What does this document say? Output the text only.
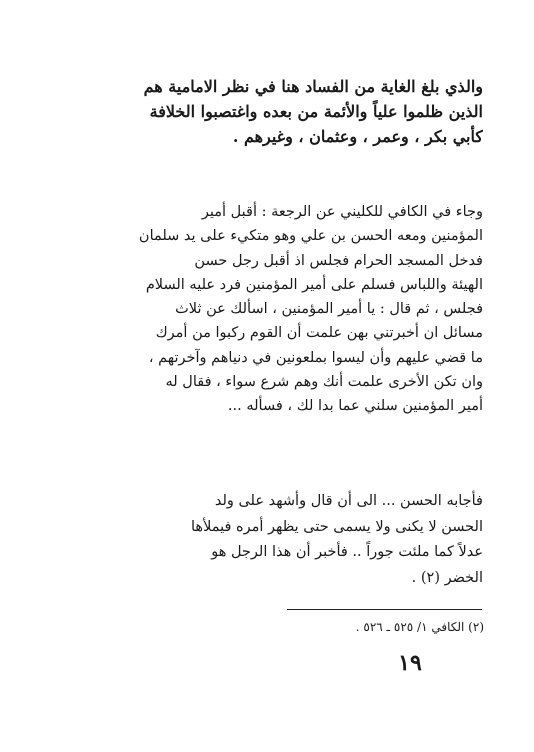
والذي بلغ الغاية من الفساد هنا في نظر الامامية هم
الذين ظلموا علياً والأئمة من بعده واغتصبوا الخلافة
كأبي بكر ، وعمر ، وعثمان ، وغيرهم .
وجاء في الكافي للكليني عن الرجعة : أقبل أمير
المؤمنين ومعه الحسن بن علي وهو متكيء على يد سلمان
فدخل المسجد الحرام فجلس اذ أقبل رجل حسن
الهيئة واللباس فسلم على أمير المؤمنين فرد عليه السلام
فجلس ، ثم قال : يا أمير المؤمنين ، اسألك عن ثلاث
مسائل ان أخبرتني بهن علمت أن القوم ركبوا من أمرك
ما قضي عليهم وأن ليسوا بملعونين في دنياهم وآخرتهم ،
وان تكن الأخرى علمت أنك وهم شرع سواء ، فقال له
أمير المؤمنين سلني عما بدا لك ، فسأله ...
فأجابه الحسن ... الى أن قال وأشهد على ولد
الحسن لا يكنى ولا يسمى حتى يظهر أمره فيملأها
عدلاً كما ملئت جوراً .. فأخبر أن هذا الرجل هو
الخضر (٢) .
(٢) الكافي ١/ ٥٢٥ ـ ٥٢٦ .
١٩
